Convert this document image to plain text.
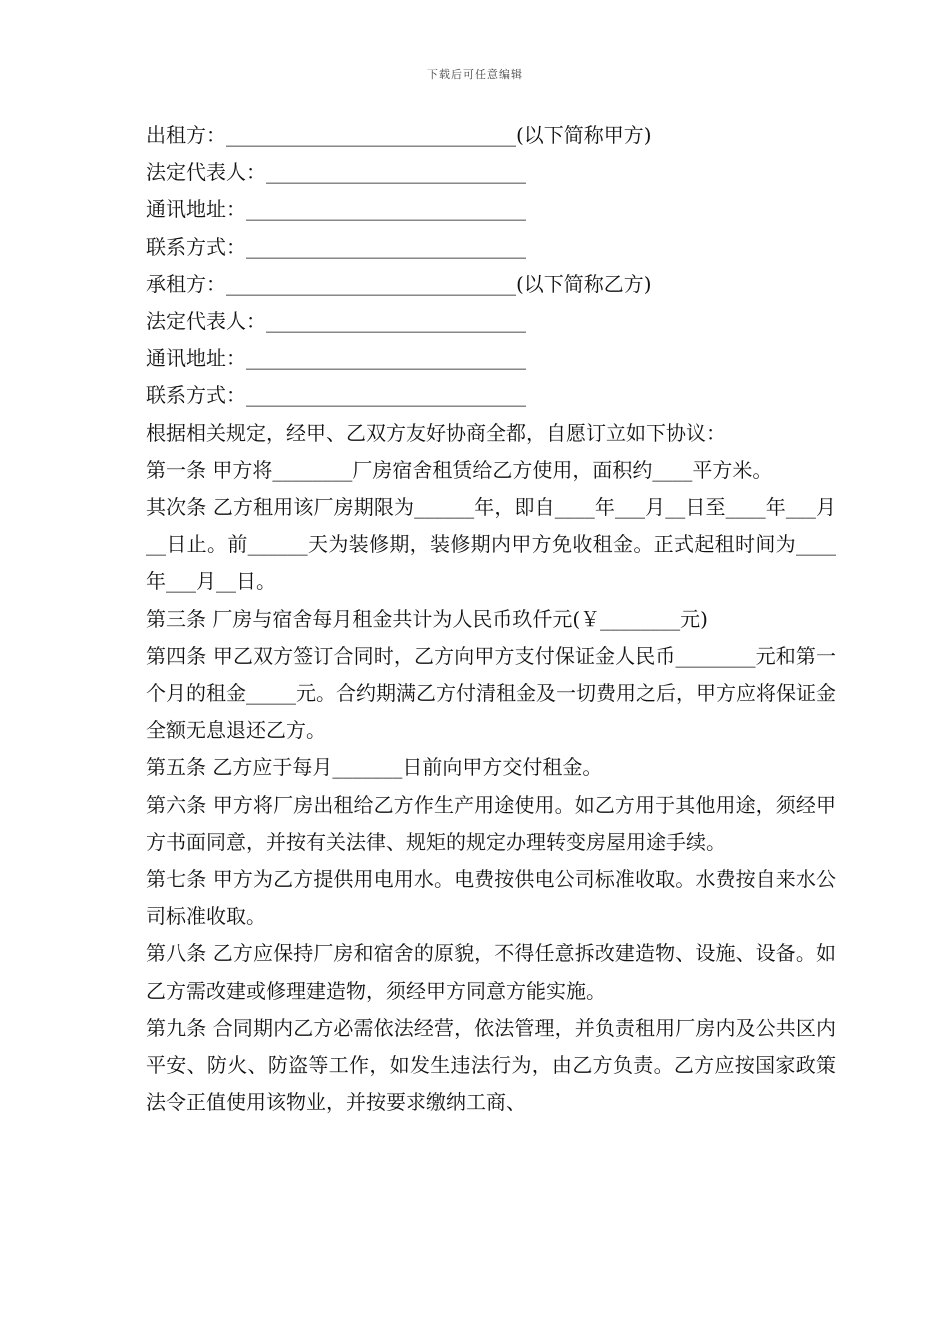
下载后可任意编辑

出租方：_____________________________(以下简称甲方)

法定代表人：__________________________

通讯地址：____________________________

联系方式：____________________________

承租方：_____________________________(以下简称乙方)

法定代表人：__________________________

通讯地址：____________________________

联系方式：____________________________

根据相关规定，经甲、乙双方友好协商全都，自愿订立如下协议：

第一条 甲方将________厂房宿舍租赁给乙方使用，面积约____平方米。

其次条 乙方租用该厂房期限为______年，即自____年___月__日至____年___月__日止。前______天为装修期，装修期内甲方免收租金。正式起租时间为____年___月__日。

第三条 厂房与宿舍每月租金共计为人民币玖仟元(￥________元)

第四条 甲乙双方签订合同时，乙方向甲方支付保证金人民币________元和第一个月的租金_____元。合约期满乙方付清租金及一切费用之后，甲方应将保证金全额无息退还乙方。

第五条 乙方应于每月_______日前向甲方交付租金。

第六条 甲方将厂房出租给乙方作生产用途使用。如乙方用于其他用途，须经甲方书面同意，并按有关法律、规矩的规定办理转变房屋用途手续。

第七条 甲方为乙方提供用电用水。电费按供电公司标准收取。水费按自来水公司标准收取。

第八条 乙方应保持厂房和宿舍的原貌，不得任意拆改建造物、设施、设备。如乙方需改建或修理建造物，须经甲方同意方能实施。

第九条 合同期内乙方必需依法经营，依法管理，并负责租用厂房内及公共区内平安、防火、防盗等工作，如发生违法行为，由乙方负责。乙方应按国家政策法令正值使用该物业，并按要求缴纳工商、
